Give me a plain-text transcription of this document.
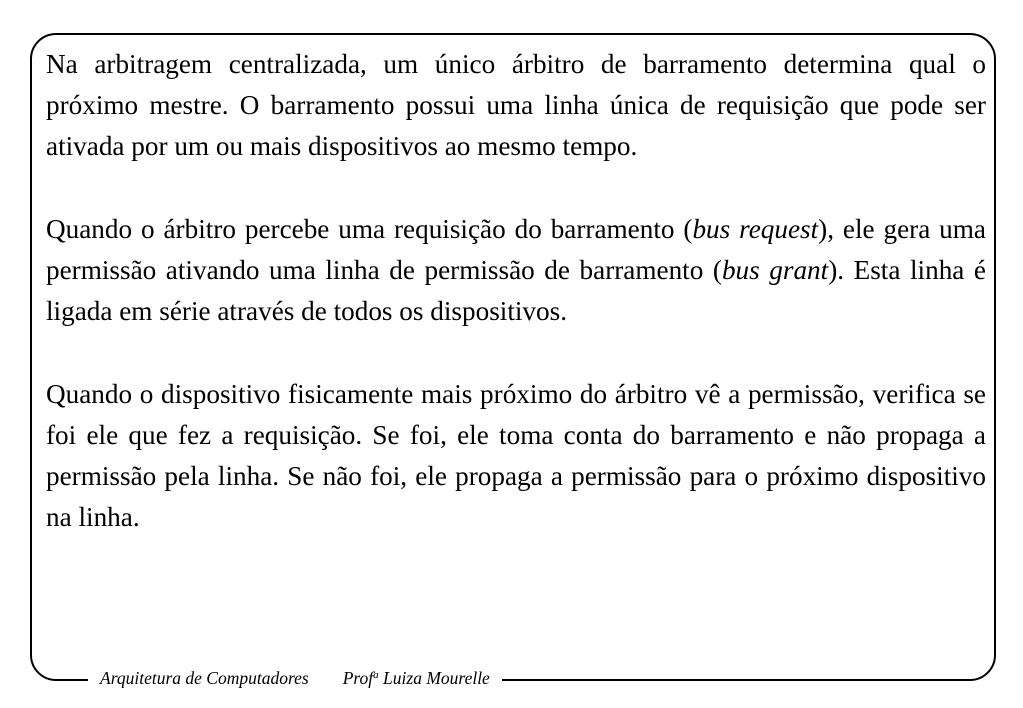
Na arbitragem centralizada, um único árbitro de barramento determina qual o próximo mestre. O barramento possui uma linha única de requisição que pode ser ativada por um ou mais dispositivos ao mesmo tempo.

Quando o árbitro percebe uma requisição do barramento (bus request), ele gera uma permissão ativando uma linha de permissão de barramento (bus grant). Esta linha é ligada em série através de todos os dispositivos.

Quando o dispositivo fisicamente mais próximo do árbitro vê a permissão, verifica se foi ele que fez a requisição. Se foi, ele toma conta do barramento e não propaga a permissão pela linha. Se não foi, ele propaga a permissão para o próximo dispositivo na linha.

Arquitetura de Computadores Prof$^a$ Luiza Mourelle
